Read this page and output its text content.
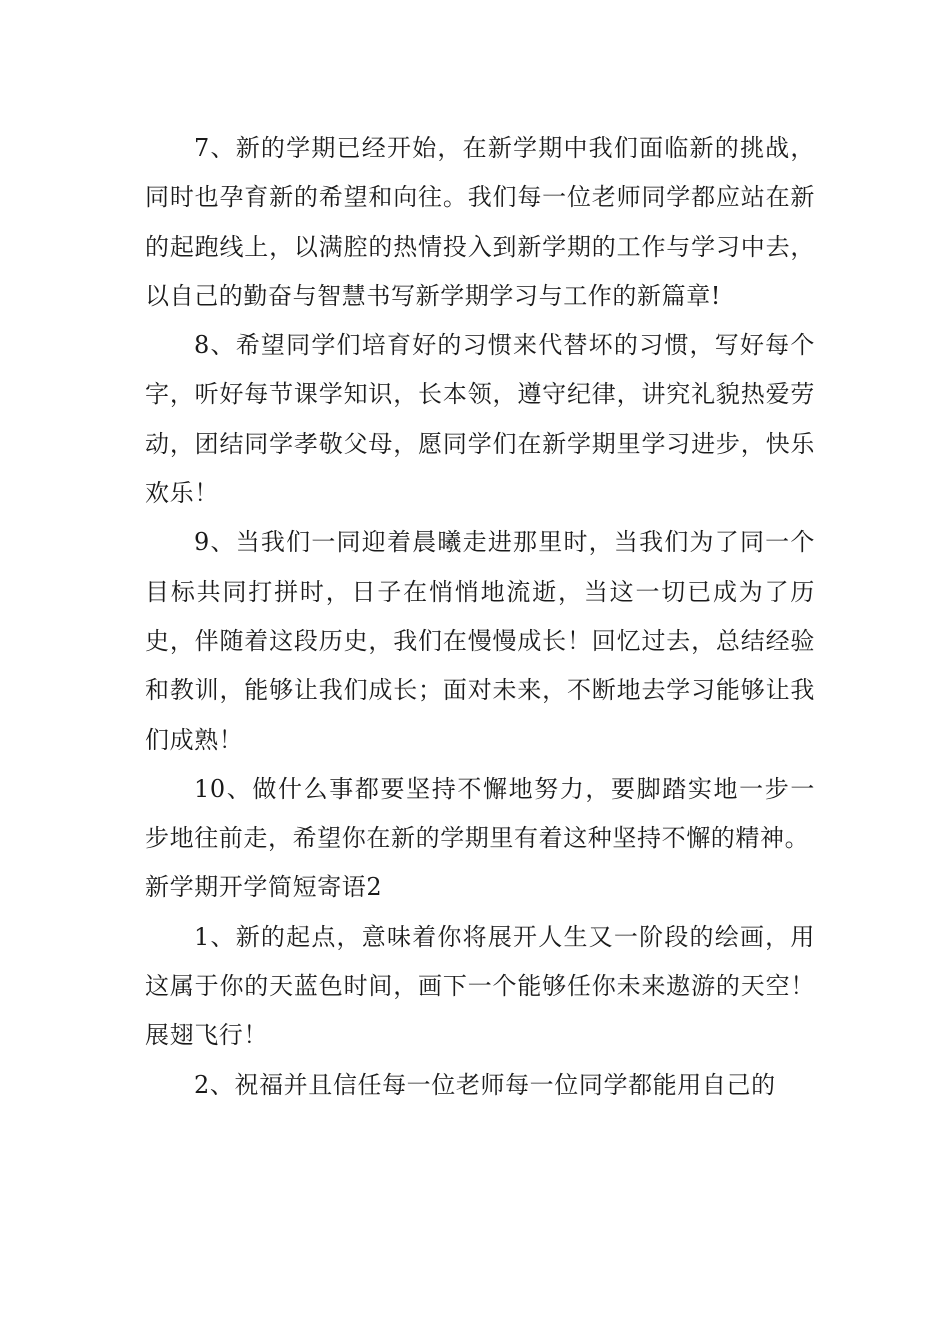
7、新的学期已经开始，在新学期中我们面临新的挑战，同时也孕育新的希望和向往。我们每一位老师同学都应站在新的起跑线上，以满腔的热情投入到新学期的工作与学习中去，以自己的勤奋与智慧书写新学期学习与工作的新篇章!

8、希望同学们培育好的习惯来代替坏的习惯，写好每个字，听好每节课学知识，长本领，遵守纪律，讲究礼貌热爱劳动，团结同学孝敬父母，愿同学们在新学期里学习进步，快乐欢乐！

9、当我们一同迎着晨曦走进那里时，当我们为了同一个目标共同打拼时，日子在悄悄地流逝，当这一切已成为了历史，伴随着这段历史，我们在慢慢成长！回忆过去，总结经验和教训，能够让我们成长；面对未来，不断地去学习能够让我们成熟！

10、做什么事都要坚持不懈地努力，要脚踏实地一步一步地往前走，希望你在新的学期里有着这种坚持不懈的精神。

新学期开学简短寄语2

1、新的起点，意味着你将展开人生又一阶段的绘画，用这属于你的天蓝色时间，画下一个能够任你未来遨游的天空！展翅飞行！

2、祝福并且信任每一位老师每一位同学都能用自己的
